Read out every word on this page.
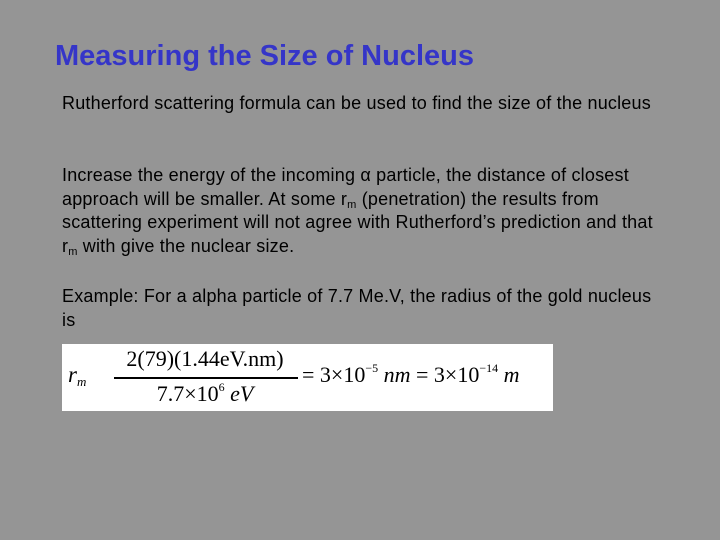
Measuring the Size of Nucleus
Rutherford scattering formula can be used to find the size of the nucleus
Increase the energy of the incoming α particle, the distance of closest approach will be smaller. At some $r_m$ (penetration) the results from scattering experiment will not agree with Rutherford’s prediction and that $r_m$ with give the nuclear size.
Example: For a alpha particle of 7.7 Me.V, the radius of the gold nucleus is
$r_m$
2(79)(1.44eV.nm)
$7.7\times 10^6$ eV
= $3\times 10^{-5}$ nm = $3\times 10^{-14}$ m
